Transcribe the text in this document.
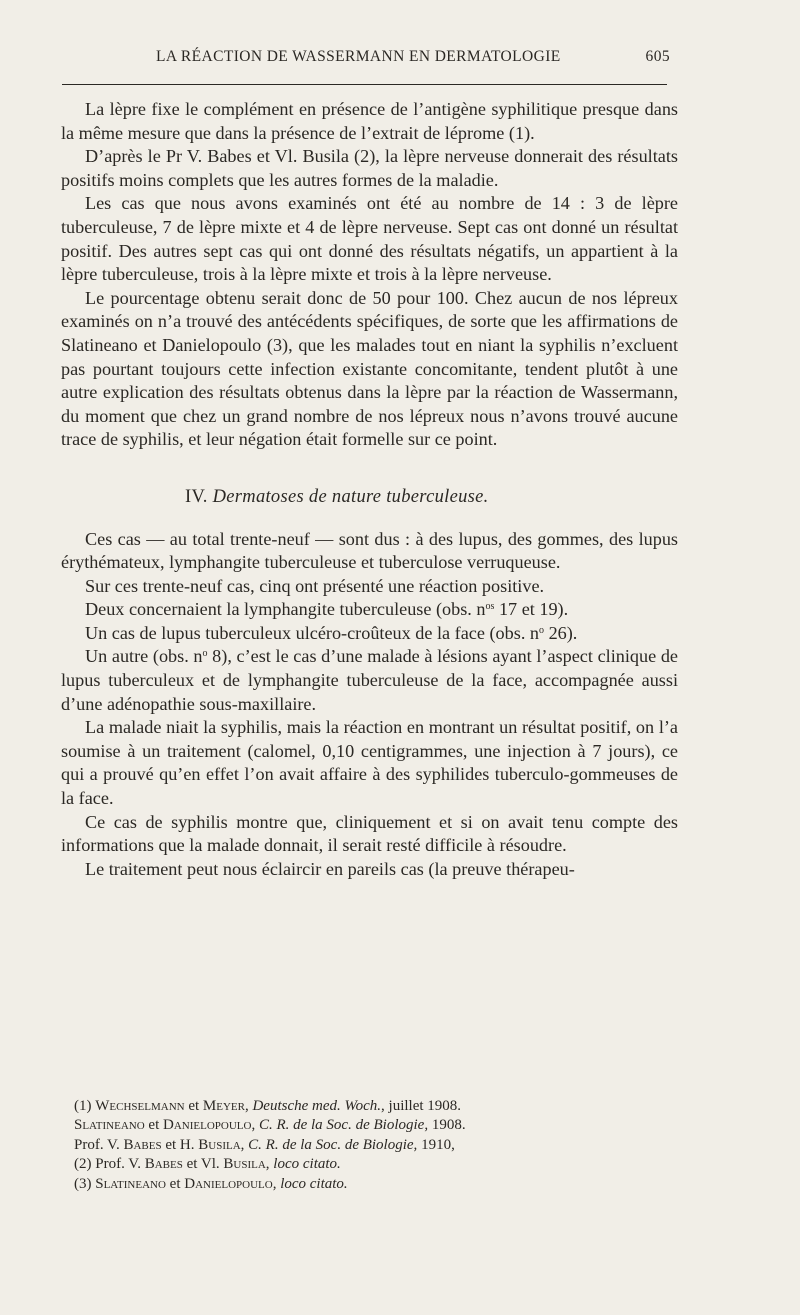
LA RÉACTION DE WASSERMANN EN DERMATOLOGIE	605

La lèpre fixe le complément en présence de l’antigène syphilitique presque dans la même mesure que dans la présence de l’extrait de léprome (1).

D’après le Pr V. Babes et Vl. Busila (2), la lèpre nerveuse donnerait des résultats positifs moins complets que les autres formes de la maladie.

Les cas que nous avons examinés ont été au nombre de 14 : 3 de lèpre tuberculeuse, 7 de lèpre mixte et 4 de lèpre nerveuse. Sept cas ont donné un résultat positif. Des autres sept cas qui ont donné des résultats négatifs, un appartient à la lèpre tuberculeuse, trois à la lèpre mixte et trois à la lèpre nerveuse.

Le pourcentage obtenu serait donc de 50 pour 100. Chez aucun de nos lépreux examinés on n’a trouvé des antécédents spécifiques, de sorte que les affirmations de Slatineano et Danielopoulo (3), que les malades tout en niant la syphilis n’excluent pas pourtant toujours cette infection existante concomitante, tendent plutôt à une autre explication des résultats obtenus dans la lèpre par la réaction de Wassermann, du moment que chez un grand nombre de nos lépreux nous n’avons trouvé aucune trace de syphilis, et leur négation était formelle sur ce point.

IV. Dermatoses de nature tuberculeuse.

Ces cas — au total trente-neuf — sont dus : à des lupus, des gommes, des lupus érythémateux, lymphangite tuberculeuse et tuberculose verruqueuse.

Sur ces trente-neuf cas, cinq ont présenté une réaction positive.

Deux concernaient la lymphangite tuberculeuse (obs. $n^{os}$ 17 et 19).

Un cas de lupus tuberculeux ulcéro-croûteux de la face (obs. $n^o$ 26).

Un autre (obs. $n^o$ 8), c’est le cas d’une malade à lésions ayant l’aspect clinique de lupus tuberculeux et de lymphangite tuberculeuse de la face, accompagnée aussi d’une adénopathie sous-maxillaire.

La malade niait la syphilis, mais la réaction en montrant un résultat positif, on l’a soumise à un traitement (calomel, 0,10 centigrammes, une injection à 7 jours), ce qui a prouvé qu’en effet l’on avait affaire à des syphilides tuberculo-gommeuses de la face.

Ce cas de syphilis montre que, cliniquement et si on avait tenu compte des informations que la malade donnait, il serait resté difficile à résoudre.

Le traitement peut nous éclaircir en pareils cas (la preuve thérapeu-

(1) Wechselmann et Meyer, Deutsche med. Woch., juillet 1908.
Slatineano et Danielopoulo, C. R. de la Soc. de Biologie, 1908.
Prof. V. Babes et H. Busila, C. R. de la Soc. de Biologie, 1910,
(2) Prof. V. Babes et Vl. Busila, loco citato.
(3) Slatineano et Danielopoulo, loco citato.
